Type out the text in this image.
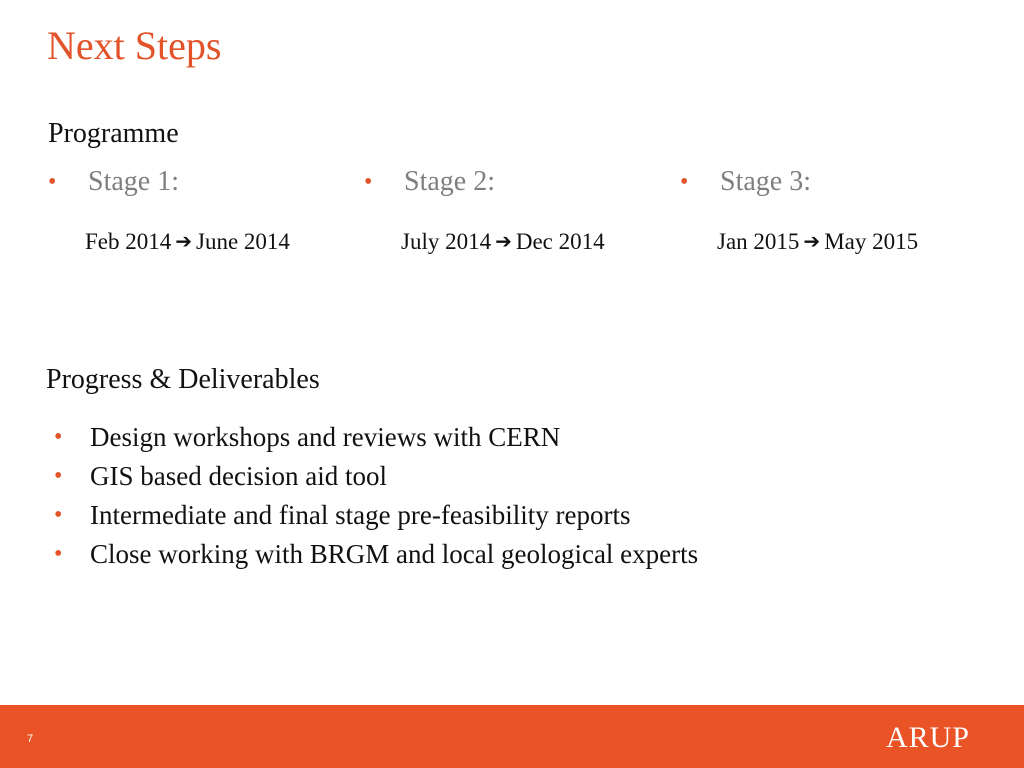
Next Steps
Programme
• Stage 1:
Feb 2014 ➔ June 2014
• Stage 2:
July 2014 ➔ Dec 2014
• Stage 3:
Jan 2015 ➔ May 2015
Progress & Deliverables
• Design workshops and reviews with CERN
• GIS based decision aid tool
• Intermediate and final stage pre-feasibility reports
• Close working with BRGM and local geological experts
7	ARUP
